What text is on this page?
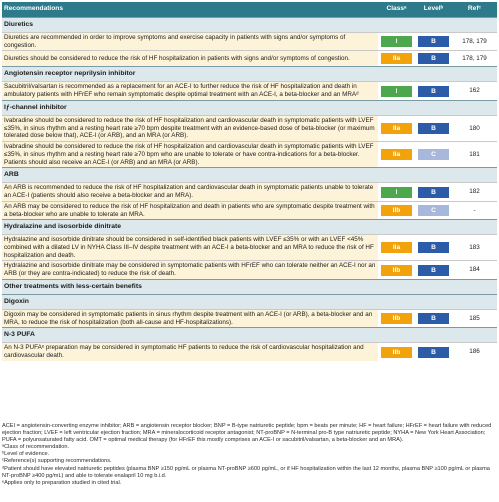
Recommendations	Classᵃ	Levelᵇ	Refᶜ
Diuretics			
Diuretics are recommended in order to improve symptoms and exercise capacity in patients with signs and/or symptoms of congestion.	I	B	178, 179
Diuretics should be considered to reduce the risk of HF hospitalization in patients with signs and/or symptoms of congestion.	IIa	B	178, 179
Angiotensin receptor neprilysin inhibitor			
Sacubitril/valsartan is recommended as a replacement for an ACE-I to further reduce the risk of HF hospitalization and death in ambulatory patients with HFrEF who remain symptomatic despite optimal treatment with an ACE-I, a beta-blocker and an MRAᵈ	I	B	162
Iƒ-channel inhibitor			
Ivabradine should be considered to reduce the risk of HF hospitalization and cardiovascular death in symptomatic patients with LVEF ≤35%, in sinus rhythm and a resting heart rate ≥70 bpm despite treatment with an evidence-based dose of beta-blocker (or maximum tolerated dose below that), ACE-I (or ARB), and an MRA (or ARB).	IIa	B	180
Ivabradine should be considered to reduce the risk of HF hospitalization and cardiovascular death in symptomatic patients with LVEF ≤35%, in sinus rhythm and a resting heart rate ≥70 bpm who are unable to tolerate or have contra-indications for a beta-blocker. Patients should also receive an ACE-I (or ARB) and an MRA (or ARB).	IIa	C	181
ARB			
An ARB is recommended to reduce the risk of HF hospitalization and cardiovascular death in symptomatic patients unable to tolerate an ACE-I (patients should also receive a beta-blocker and an MRA).	I	B	182
An ARB may be considered to reduce the risk of HF hospitalization and death in patients who are symptomatic despite treatment with a beta-blocker who are unable to tolerate an MRA.	IIb	C	-
Hydralazine and isosorbide dinitrate			
Hydralazine and isosorbide dinitrate should be considered in self-identified black patients with LVEF ≤35% or with an LVEF <45% combined with a dilated LV in NYHA Class III–IV despite treatment with an ACE-I a beta-blocker and an MRA to reduce the risk of HF hospitalization and death.	IIa	B	183
Hydralazine and isosorbide dinitrate may be considered in symptomatic patients with HFrEF who can tolerate neither an ACE-I nor an ARB (or they are contra-indicated) to reduce the risk of death.	IIb	B	184
Other treatments with less-certain benefits			
Digoxin			
Digoxin may be considered in symptomatic patients in sinus rhythm despite treatment with an ACE-I (or ARB), a beta-blocker and an MRA, to reduce the risk of hospitalization (both all-cause and HF-hospitalizations).	IIb	B	185
N-3 PUFA			
An N-3 PUFAᵉ preparation may be considered in symptomatic HF patients to reduce the risk of cardiovascular hospitalization and cardiovascular death.	IIb	B	186
ACEI = angiotensin-converting enzyme inhibitor; ARB = angiotensin receptor blocker; BNP = B-type natriuretic peptide; bpm = beats per minute; HF = heart failure; HFrEF = heart failure with reduced ejection fraction; LVEF = left ventricular ejection fraction; MRA = mineralocorticoid receptor antagonist; NT-proBNP = N-terminal pro-B type natriuretic peptide; NYHA = New York Heart Association; PUFA = polyunsaturated fatty acid. OMT = optimal medical therapy (for HFrEF this mostly comprises an ACE-I or sacubitril/valsartan, a beta-blocker and an MRA).
ᵃClass of recommendation.
ᵇLevel of evidence.
ᶜReference(s) supporting recommendations.
ᵈPatient should have elevated natriuretic peptides (plasma BNP ≥150 pg/mL or plasma NT-proBNP ≥600 pg/mL, or if HF hospitalization within the last 12 months, plasma BNP ≥100 pg/mL or plasma NT-proBNP ≥400 pg/mL) and able to tolerate enalapril 10 mg b.i.d.
ᵉApplies only to preparation studied in cited trial.
